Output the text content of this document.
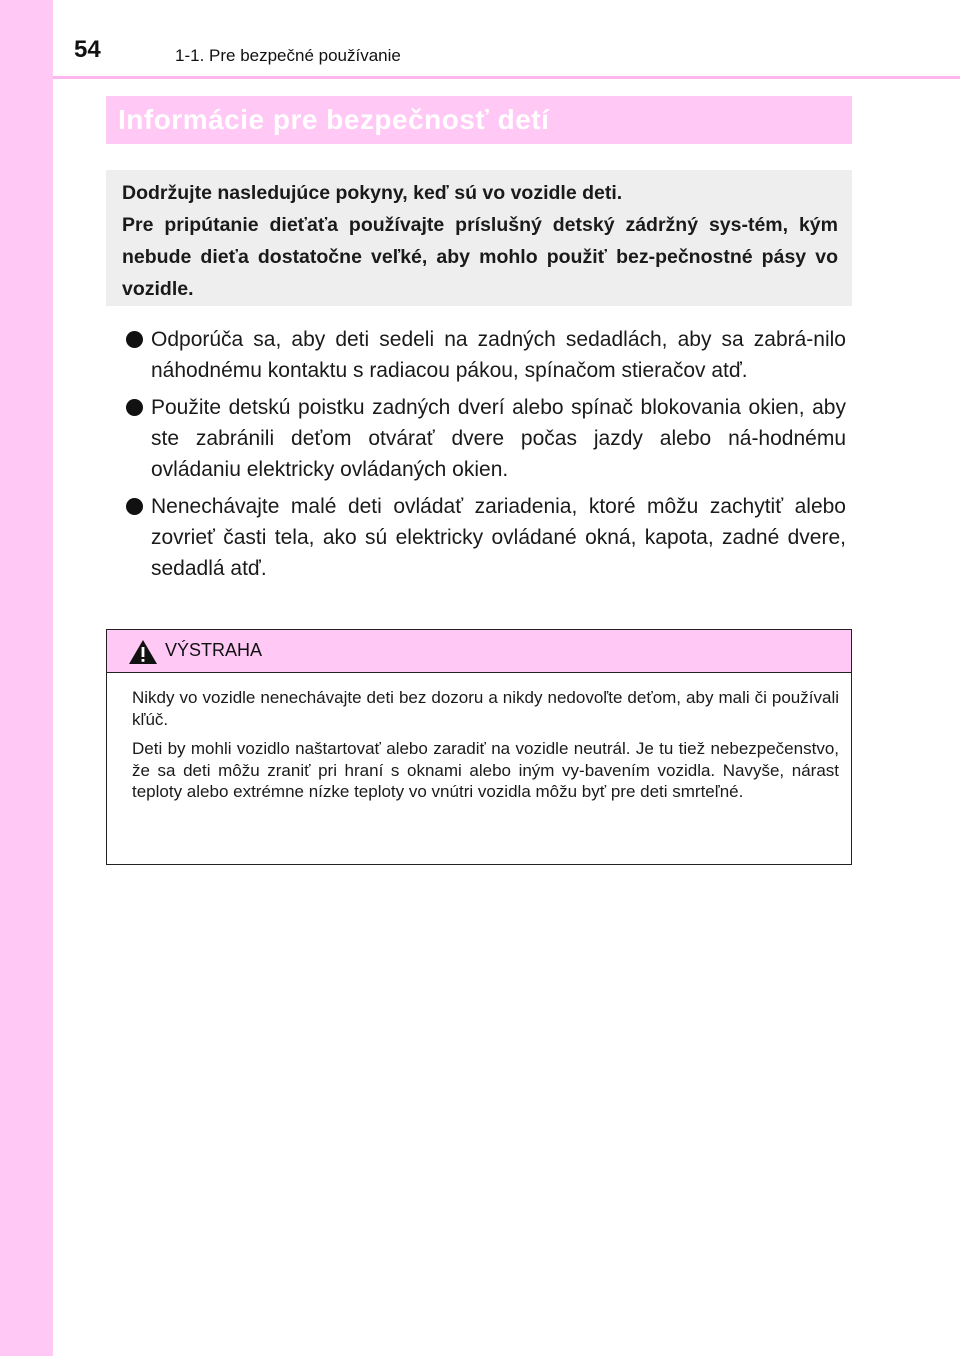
54	1-1. Pre bezpečné používanie
Informácie pre bezpečnosť detí

Dodržujte nasledujúce pokyny, keď sú vo vozidle deti.

Pre pripútanie dieťaťa používajte príslušný detský zádržný sys-tém, kým nebude dieťa dostatočne veľké, aby mohlo použiť bez-pečnostné pásy vo vozidle.

Odporúča sa, aby deti sedeli na zadných sedadlách, aby sa zabrá-nilo náhodnému kontaktu s radiacou pákou, spínačom stieračov atď.
Použite detskú poistku zadných dverí alebo spínač blokovania okien, aby ste zabránili deťom otvárať dvere počas jazdy alebo ná-hodnému ovládaniu elektricky ovládaných okien.
Nenechávajte malé deti ovládať zariadenia, ktoré môžu zachytiť alebo zovrieť časti tela, ako sú elektricky ovládané okná, kapota, zadné dvere, sedadlá atď.
VÝSTRAHA

Nikdy vo vozidle nenechávajte deti bez dozoru a nikdy nedovoľte deťom, aby mali či používali kľúč.

Deti by mohli vozidlo naštartovať alebo zaradiť na vozidle neutrál. Je tu tiež nebezpečenstvo, že sa deti môžu zraniť pri hraní s oknami alebo iným vy-bavením vozidla. Navyše, nárast teploty alebo extrémne nízke teploty vo vnútri vozidla môžu byť pre deti smrteľné.
